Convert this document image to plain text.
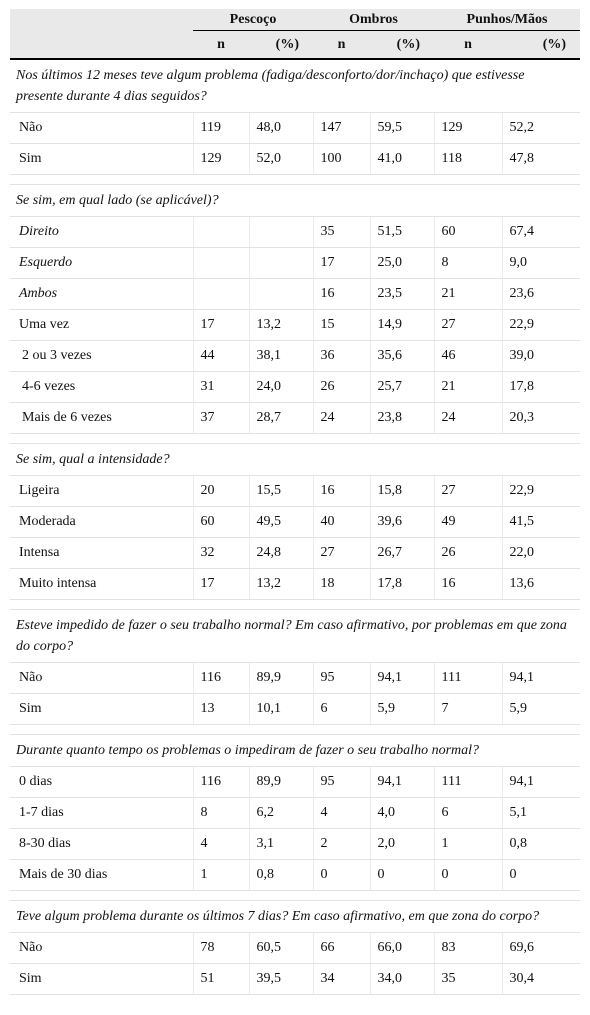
	Pescoço		Ombros		Punhos/Mãos	
	n	(%)	n	(%)	n	(%)
Nos últimos 12 meses teve algum problema (fadiga/desconforto/dor/inchaço) que estivesse presente durante 4 dias seguidos?						
Não	119	48,0	147	59,5	129	52,2
Sim	129	52,0	100	41,0	118	47,8

Se sim, em qual lado (se aplicável)?						
Direito			35	51,5	60	67,4
Esquerdo			17	25,0	8	9,0
Ambos			16	23,5	21	23,6
Uma vez	17	13,2	15	14,9	27	22,9
2 ou 3 vezes	44	38,1	36	35,6	46	39,0
4-6 vezes	31	24,0	26	25,7	21	17,8
Mais de 6 vezes	37	28,7	24	23,8	24	20,3

Se sim, qual a intensidade?						
Ligeira	20	15,5	16	15,8	27	22,9
Moderada	60	49,5	40	39,6	49	41,5
Intensa	32	24,8	27	26,7	26	22,0
Muito intensa	17	13,2	18	17,8	16	13,6

Esteve impedido de fazer o seu trabalho normal? Em caso afirmativo, por problemas em que zona do corpo?						
Não	116	89,9	95	94,1	111	94,1
Sim	13	10,1	6	5,9	7	5,9

Durante quanto tempo os problemas o impediram de fazer o seu trabalho normal?						
0 dias	116	89,9	95	94,1	111	94,1
1-7 dias	8	6,2	4	4,0	6	5,1
8-30 dias	4	3,1	2	2,0	1	0,8
Mais de 30 dias	1	0,8	0	0	0	0

Teve algum problema durante os últimos 7 dias? Em caso afirmativo, em que zona do corpo?						
Não	78	60,5	66	66,0	83	69,6
Sim	51	39,5	34	34,0	35	30,4
